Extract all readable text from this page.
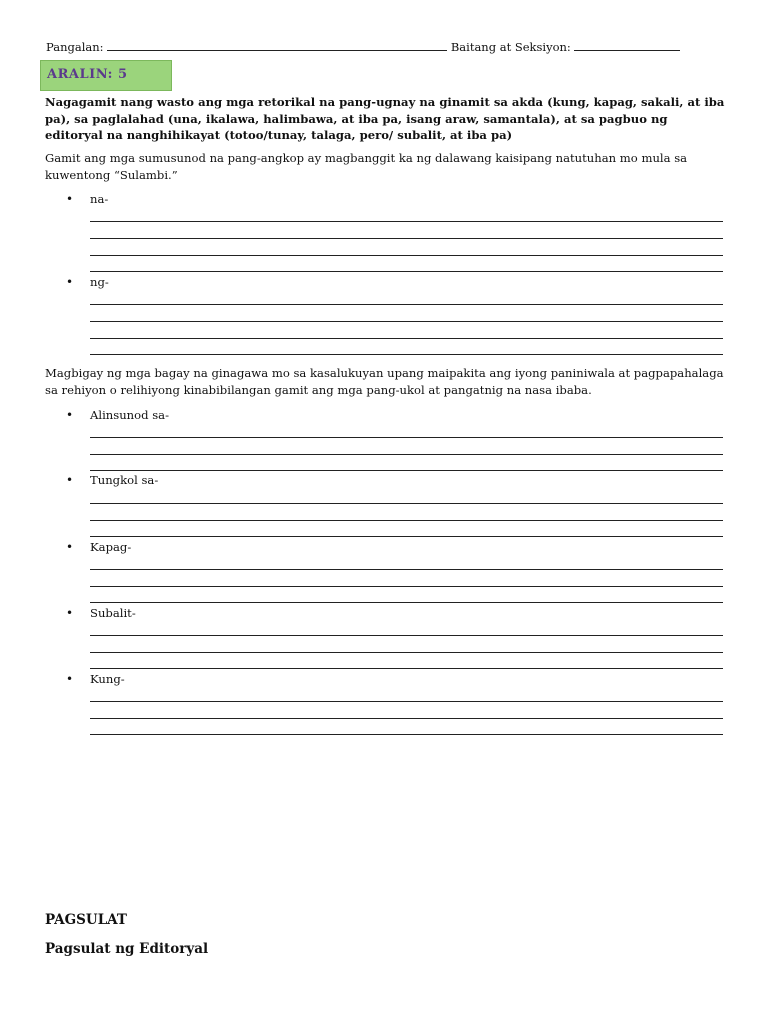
Pangalan:	Baitang at Seksiyon:
ARALIN: 5
Nagagamit nang wasto ang mga retorikal na pang-ugnay na ginamit sa akda (kung, kapag, sakali, at iba pa), sa paglalahad (una, ikalawa, halimbawa, at iba pa, isang araw, samantala), at sa pagbuo ng editoryal na nanghihikayat (totoo/tunay, talaga, pero/ subalit, at iba pa)
Gamit ang mga sumusunod na pang-angkop ay magbanggit ka ng dalawang kaisipang natutuhan mo mula sa kuwentong “Sulambi.”
• na-
• ng-
Magbigay ng mga bagay na ginagawa mo sa kasalukuyan upang maipakita ang iyong paniniwala at pagpapahalaga sa rehiyon o relihiyong kinabibilangan gamit ang mga pang-ukol at pangatnig na nasa ibaba.
• Alinsunod sa-
• Tungkol sa-
• Kapag-
• Subalit-
• Kung-
PAGSULAT
Pagsulat ng Editoryal
